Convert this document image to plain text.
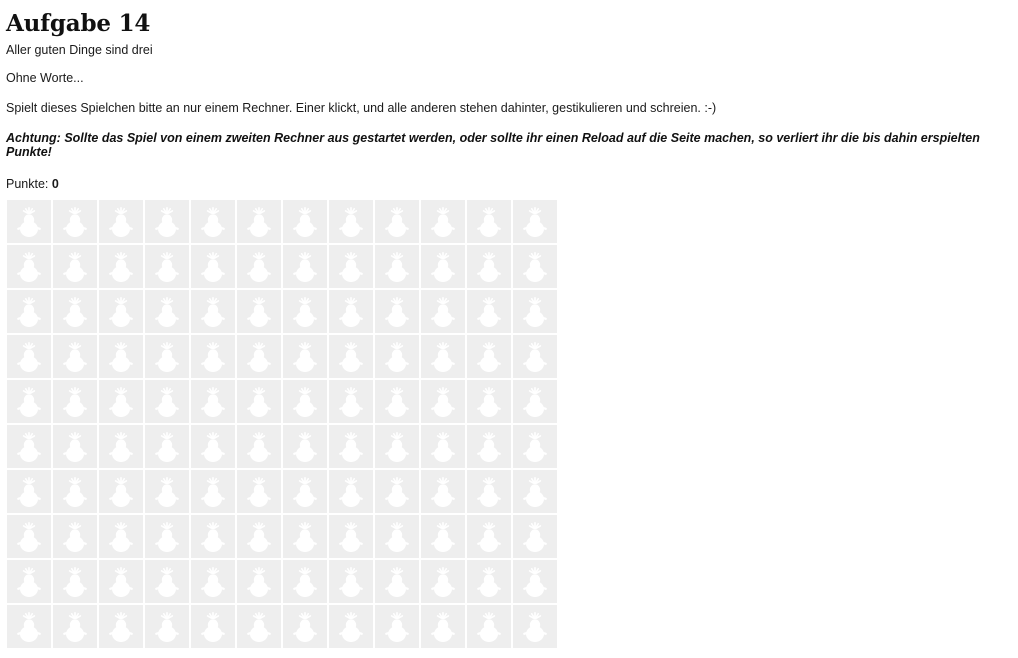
Aufgabe 14
Aller guten Dinge sind drei

Ohne Worte...

Spielt dieses Spielchen bitte an nur einem Rechner. Einer klickt, und alle anderen stehen dahinter, gestikulieren und schreien. :-)

Achtung: Sollte das Spiel von einem zweiten Rechner aus gestartet werden, oder sollte ihr einen Reload auf die Seite machen, so verliert ihr die bis dahin erspielten Punkte!

Punkte: 0
